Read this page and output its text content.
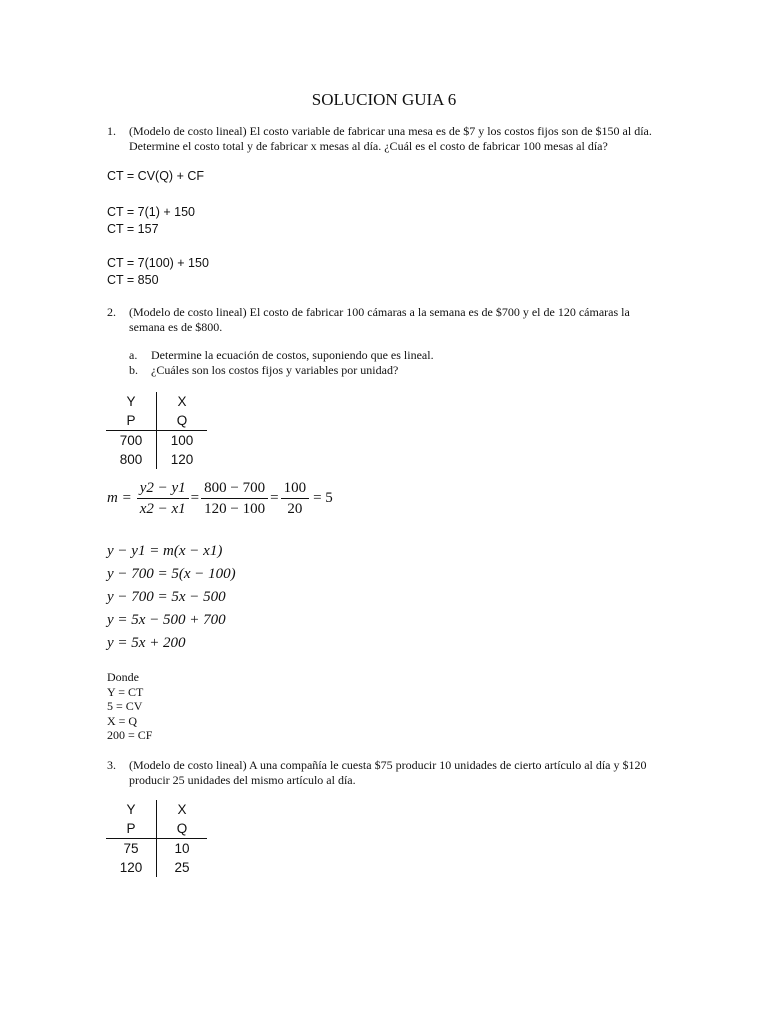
SOLUCION GUIA 6
1.	(Modelo de costo lineal) El costo variable de fabricar una mesa es de $7 y los costos fijos son de $150 al día. Determine el costo total y de fabricar x mesas al día. ¿Cuál es el costo de fabricar 100 mesas al día?
CT = CV(Q) + CF
CT = 7(1) + 150
CT = 157
CT = 7(100) + 150
CT = 850
2.	(Modelo de costo lineal) El costo de fabricar 100 cámaras a la semana es de $700 y el de 120 cámaras la semana es de $800.
a. Determine la ecuación de costos, suponiendo que es lineal.
b. ¿Cuáles son los costos fijos y variables por unidad?
Y	X
P	Q
700	100
800	120
$m = \frac{y2 - y1}{x2 - x1} = \frac{800 - 700}{120 - 100} = \frac{100}{20} = 5$
y − y1 = m(x − x1)
y − 700 = 5(x − 100)
y − 700 = 5x − 500
y = 5x − 500 + 700
y = 5x + 200
Donde
Y = CT
5 = CV
X = Q
200 = CF
3.	(Modelo de costo lineal) A una compañía le cuesta $75 producir 10 unidades de cierto artículo al día y $120 producir 25 unidades del mismo artículo al día.
Y	X
P	Q
75	10
120	25
